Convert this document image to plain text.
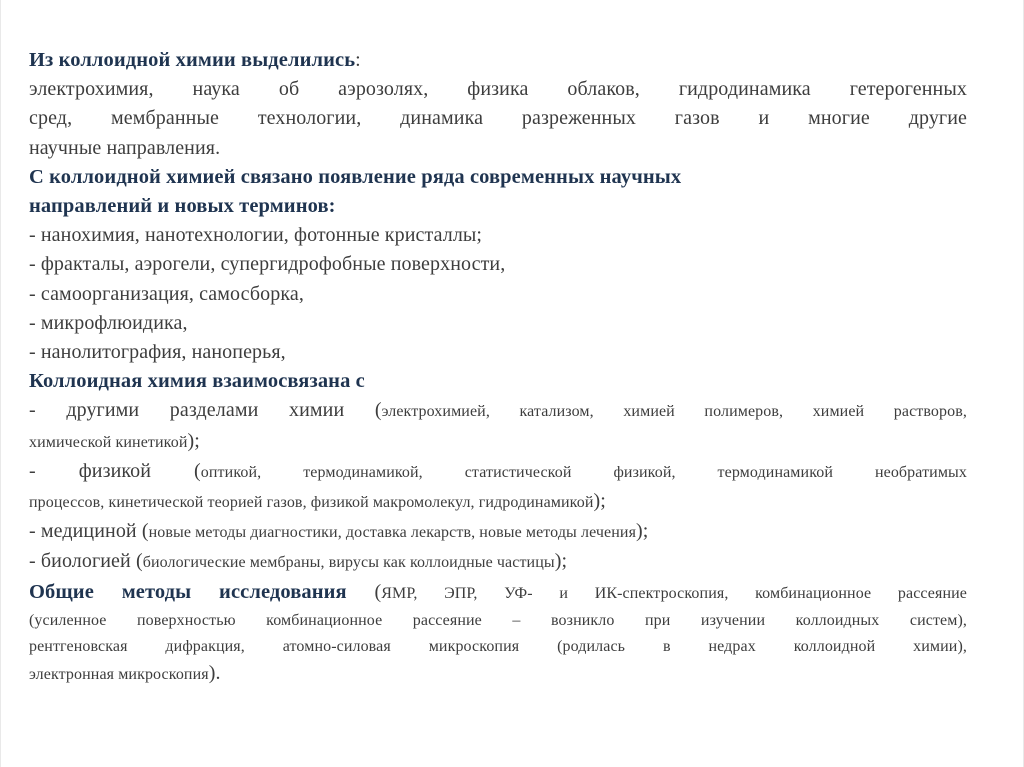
Из коллоидной химии выделились:
электрохимия, наука об аэрозолях, физика облаков, гидродинамика гетерогенных
сред, мембранные технологии, динамика разреженных газов и многие другие
научные направления.
С коллоидной химией связано появление ряда современных научных
направлений и новых терминов:
- нанохимия, нанотехнологии, фотонные кристаллы;
- фракталы, аэрогели, супергидрофобные поверхности,
- самоорганизация, самосборка,
- микрофлюидика,
- нанолитография, наноперья,
Коллоидная химия взаимосвязана с
- другими разделами химии (электрохимией, катализом, химией полимеров, химией растворов,
химической кинетикой);
- физикой (оптикой, термодинамикой, статистической физикой, термодинамикой необратимых
процессов, кинетической теорией газов, физикой макромолекул, гидродинамикой);
- медициной (новые методы диагностики, доставка лекарств, новые методы лечения);
- биологией (биологические мембраны, вирусы как коллоидные частицы);
Общие методы исследования (ЯМР, ЭПР, УФ- и ИК-спектроскопия, комбинационное рассеяние
(усиленное поверхностью комбинационное рассеяние – возникло при изучении коллоидных систем),
рентгеновская дифракция, атомно-силовая микроскопия (родилась в недрах коллоидной химии),
электронная микроскопия).
